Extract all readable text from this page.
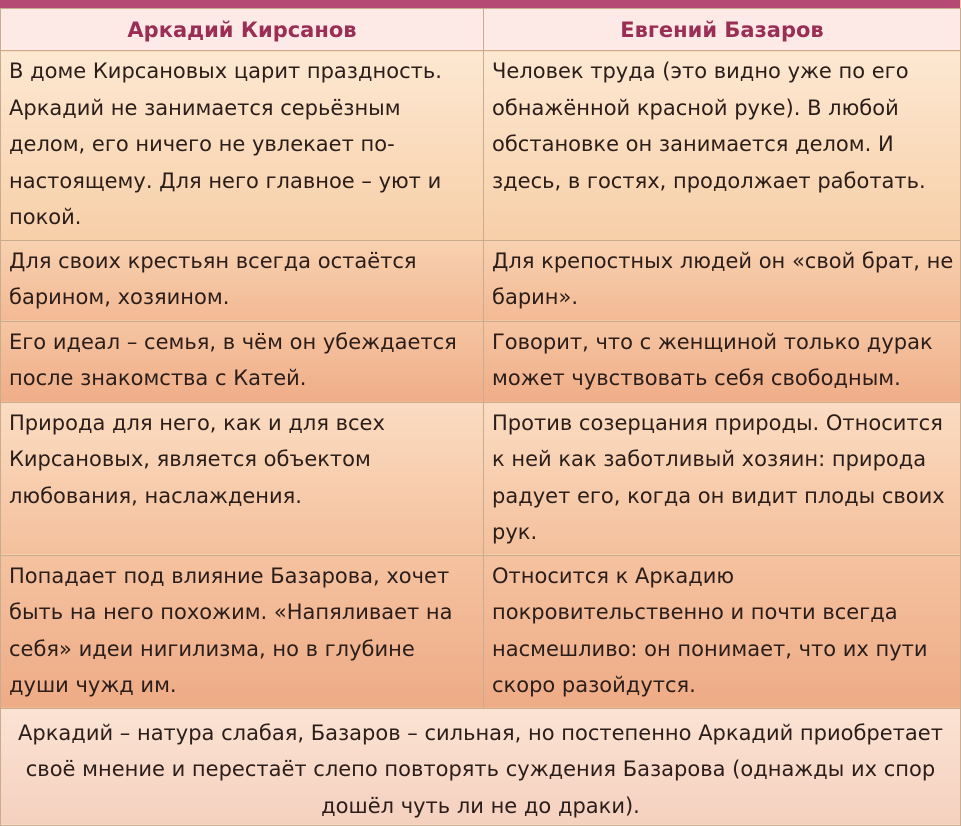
Аркадий Кирсанов	Евгений Базаров
В доме Кирсановых царит праздность. Аркадий не занимается серьёзным делом, его ничего не увлекает по-настоящему. Для него главное – уют и покой.	Человек труда (это видно уже по его обнажённой красной руке). В любой обстановке он занимается делом. И здесь, в гостях, продолжает работать.
Для своих крестьян всегда остаётся барином, хозяином.	Для крепостных людей он «свой брат, не барин».
Его идеал – семья, в чём он убеждается после знакомства с Катей.	Говорит, что с женщиной только дурак может чувствовать себя свободным.
Природа для него, как и для всех Кирсановых, является объектом любования, наслаждения.	Против созерцания природы. Относится к ней как заботливый хозяин: природа радует его, когда он видит плоды своих рук.
Попадает под влияние Базарова, хочет быть на него похожим. «Напяливает на себя» идеи нигилизма, но в глубине души чужд им.	Относится к Аркадию покровительственно и почти всегда насмешливо: он понимает, что их пути скоро разойдутся.
Аркадий – натура слабая, Базаров – сильная, но постепенно Аркадий приобретает своё мнение и перестаёт слепо повторять суждения Базарова (однажды их спор дошёл чуть ли не до драки).	
